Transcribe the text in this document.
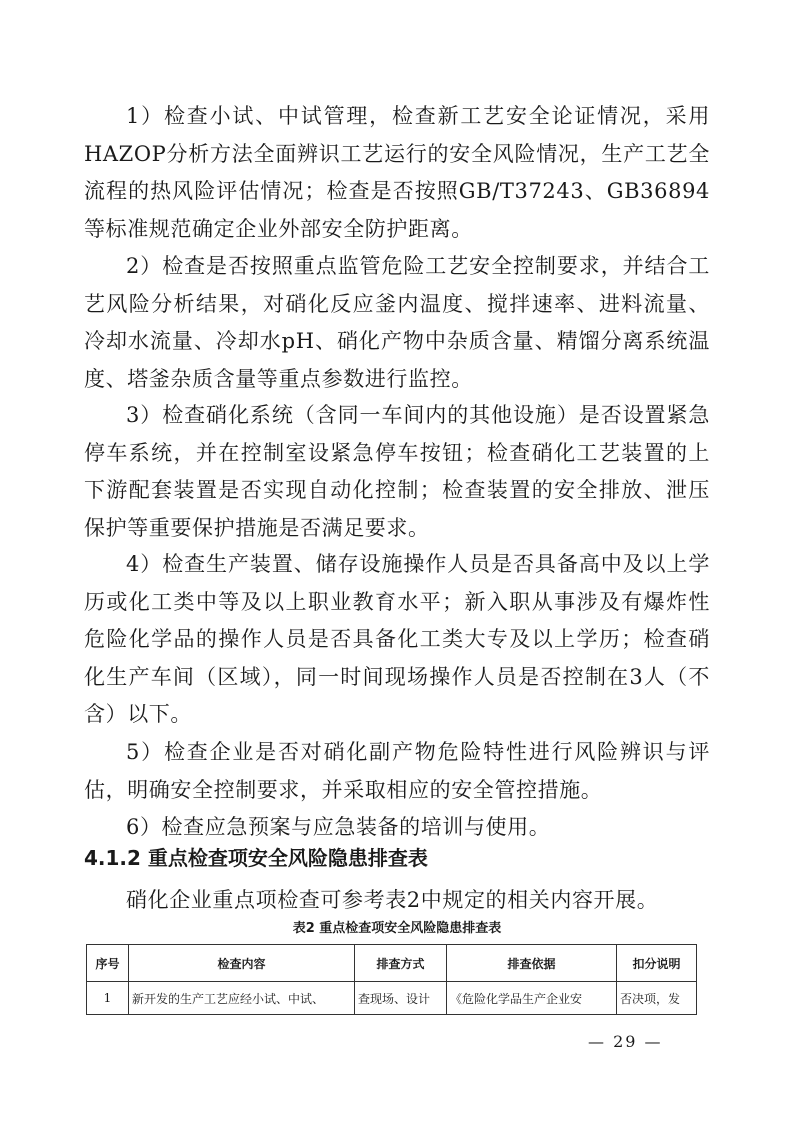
1）检查小试、中试管理，检查新工艺安全论证情况，采用HAZOP分析方法全面辨识工艺运行的安全风险情况，生产工艺全流程的热风险评估情况；检查是否按照GB/T37243、GB36894等标准规范确定企业外部安全防护距离。

2）检查是否按照重点监管危险工艺安全控制要求，并结合工艺风险分析结果，对硝化反应釜内温度、搅拌速率、进料流量、冷却水流量、冷却水pH、硝化产物中杂质含量、精馏分离系统温度、塔釜杂质含量等重点参数进行监控。

3）检查硝化系统（含同一车间内的其他设施）是否设置紧急停车系统，并在控制室设紧急停车按钮；检查硝化工艺装置的上下游配套装置是否实现自动化控制；检查装置的安全排放、泄压保护等重要保护措施是否满足要求。

4）检查生产装置、储存设施操作人员是否具备高中及以上学历或化工类中等及以上职业教育水平；新入职从事涉及有爆炸性危险化学品的操作人员是否具备化工类大专及以上学历；检查硝化生产车间（区域），同一时间现场操作人员是否控制在3人（不含）以下。

5）检查企业是否对硝化副产物危险特性进行风险辨识与评估，明确安全控制要求，并采取相应的安全管控措施。

6）检查应急预案与应急装备的培训与使用。

4.1.2 重点检查项安全风险隐患排查表

硝化企业重点项检查可参考表2中规定的相关内容开展。

表2 重点检查项安全风险隐患排查表

序号	检查内容	排查方式	排查依据	扣分说明
1	新开发的生产工艺应经小试、中试、	查现场、设计	《危险化学品生产企业安	否决项，发
— 29 —
